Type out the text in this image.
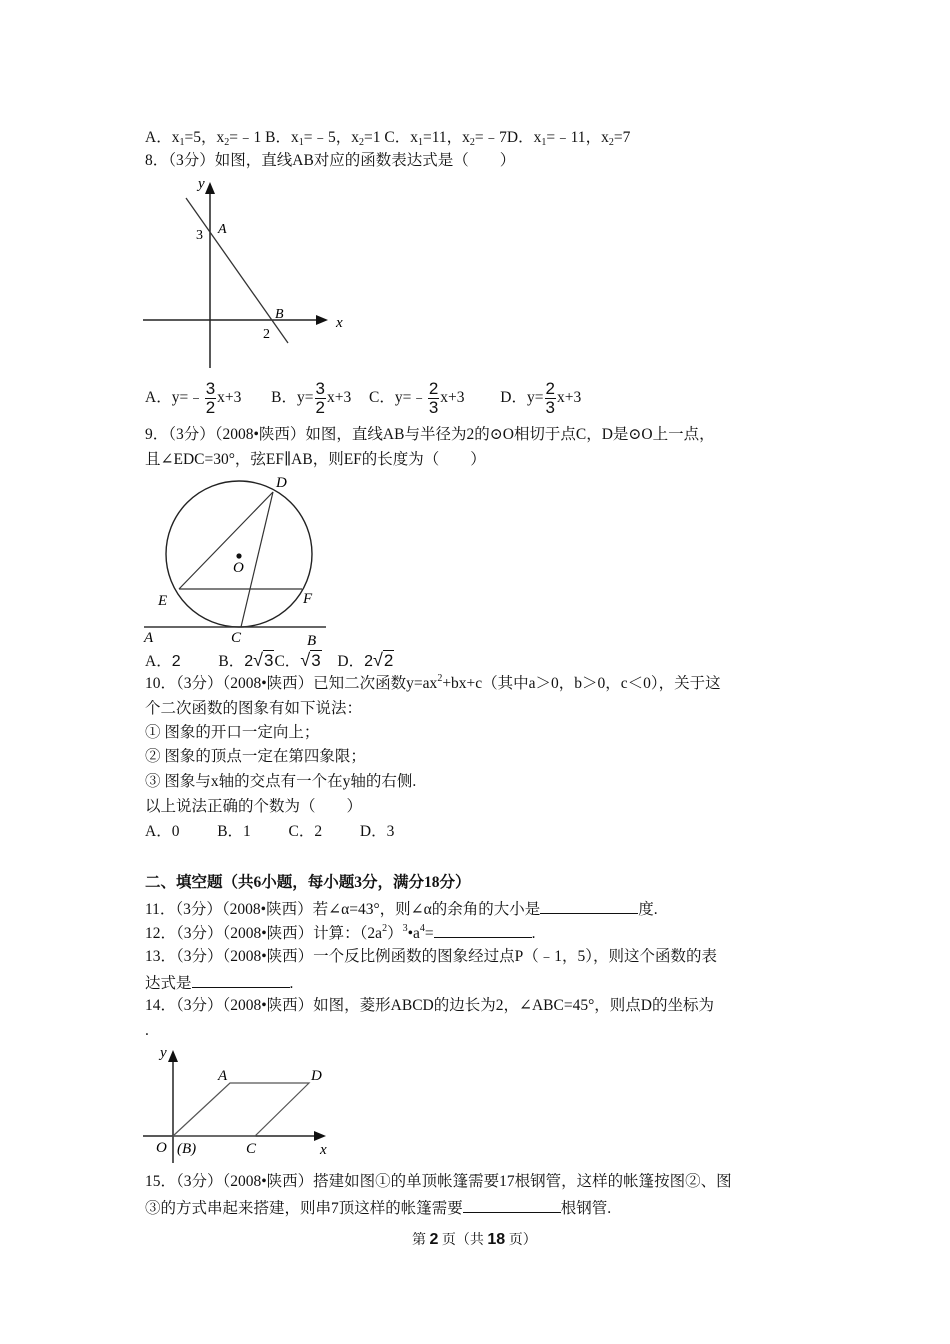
A．$x_1=5$，$x_2=﹣1$ B．$x_1=﹣5$，$x_2=1$ C．$x_1=11$，$x_2=﹣7D$．$x_1=﹣11$，$x_2=7$
8．（3分）如图，直线AB对应的函数表达式是（　　）
y
x
A
B
3
2
A．y=﹣ $\frac{3}{2} x+3$ B．$y= \frac{3}{2} x+3$ C．y=﹣ $\frac{2}{3} x+3$ D．$y= \frac{2}{3} x+3$
9．（3分）（2008•陕西）如图，直线AB与半径为2的⊙O相切于点C，D是⊙O上一点，
且∠EDC=30°，弦EF∥AB，则EF的长度为（　　）
D
O
E	F
A	C	B
A．2 B．2√3C．√3 D．2√2
10．（3分）（2008•陕西）已知二次函数$y=ax^2+bx+c$（其中a＞0，b＞0，c＜0），关于这
个二次函数的图象有如下说法：
① 图象的开口一定向上；
② 图象的顶点一定在第四象限；
③ 图象与x轴的交点有一个在y轴的右侧.
以上说法正确的个数为（　　）
A．0 B．1 C．2 D．3
二、填空题（共6小题，每小题3分，满分18分）
11．（3分）（2008•陕西）若∠α=43°，则∠α的余角的大小是	度.
12．（3分）（2008•陕西）计算：$(2a^2)^3•a^4=$	.
13．（3分）（2008•陕西）一个反比例函数的图象经过点P（﹣1，5），则这个函数的表
达式是	.
14．（3分）（2008•陕西）如图，菱形ABCD的边长为2，∠ABC=45°，则点D的坐标为
.
y
x
A	D
O (B)	C
15．（3分）（2008•陕西）搭建如图①的单顶帐篷需要17根钢管，这样的帐篷按图②、图
③的方式串起来搭建，则串7顶这样的帐篷需要	根钢管.
第 2 页（共 18 页）
